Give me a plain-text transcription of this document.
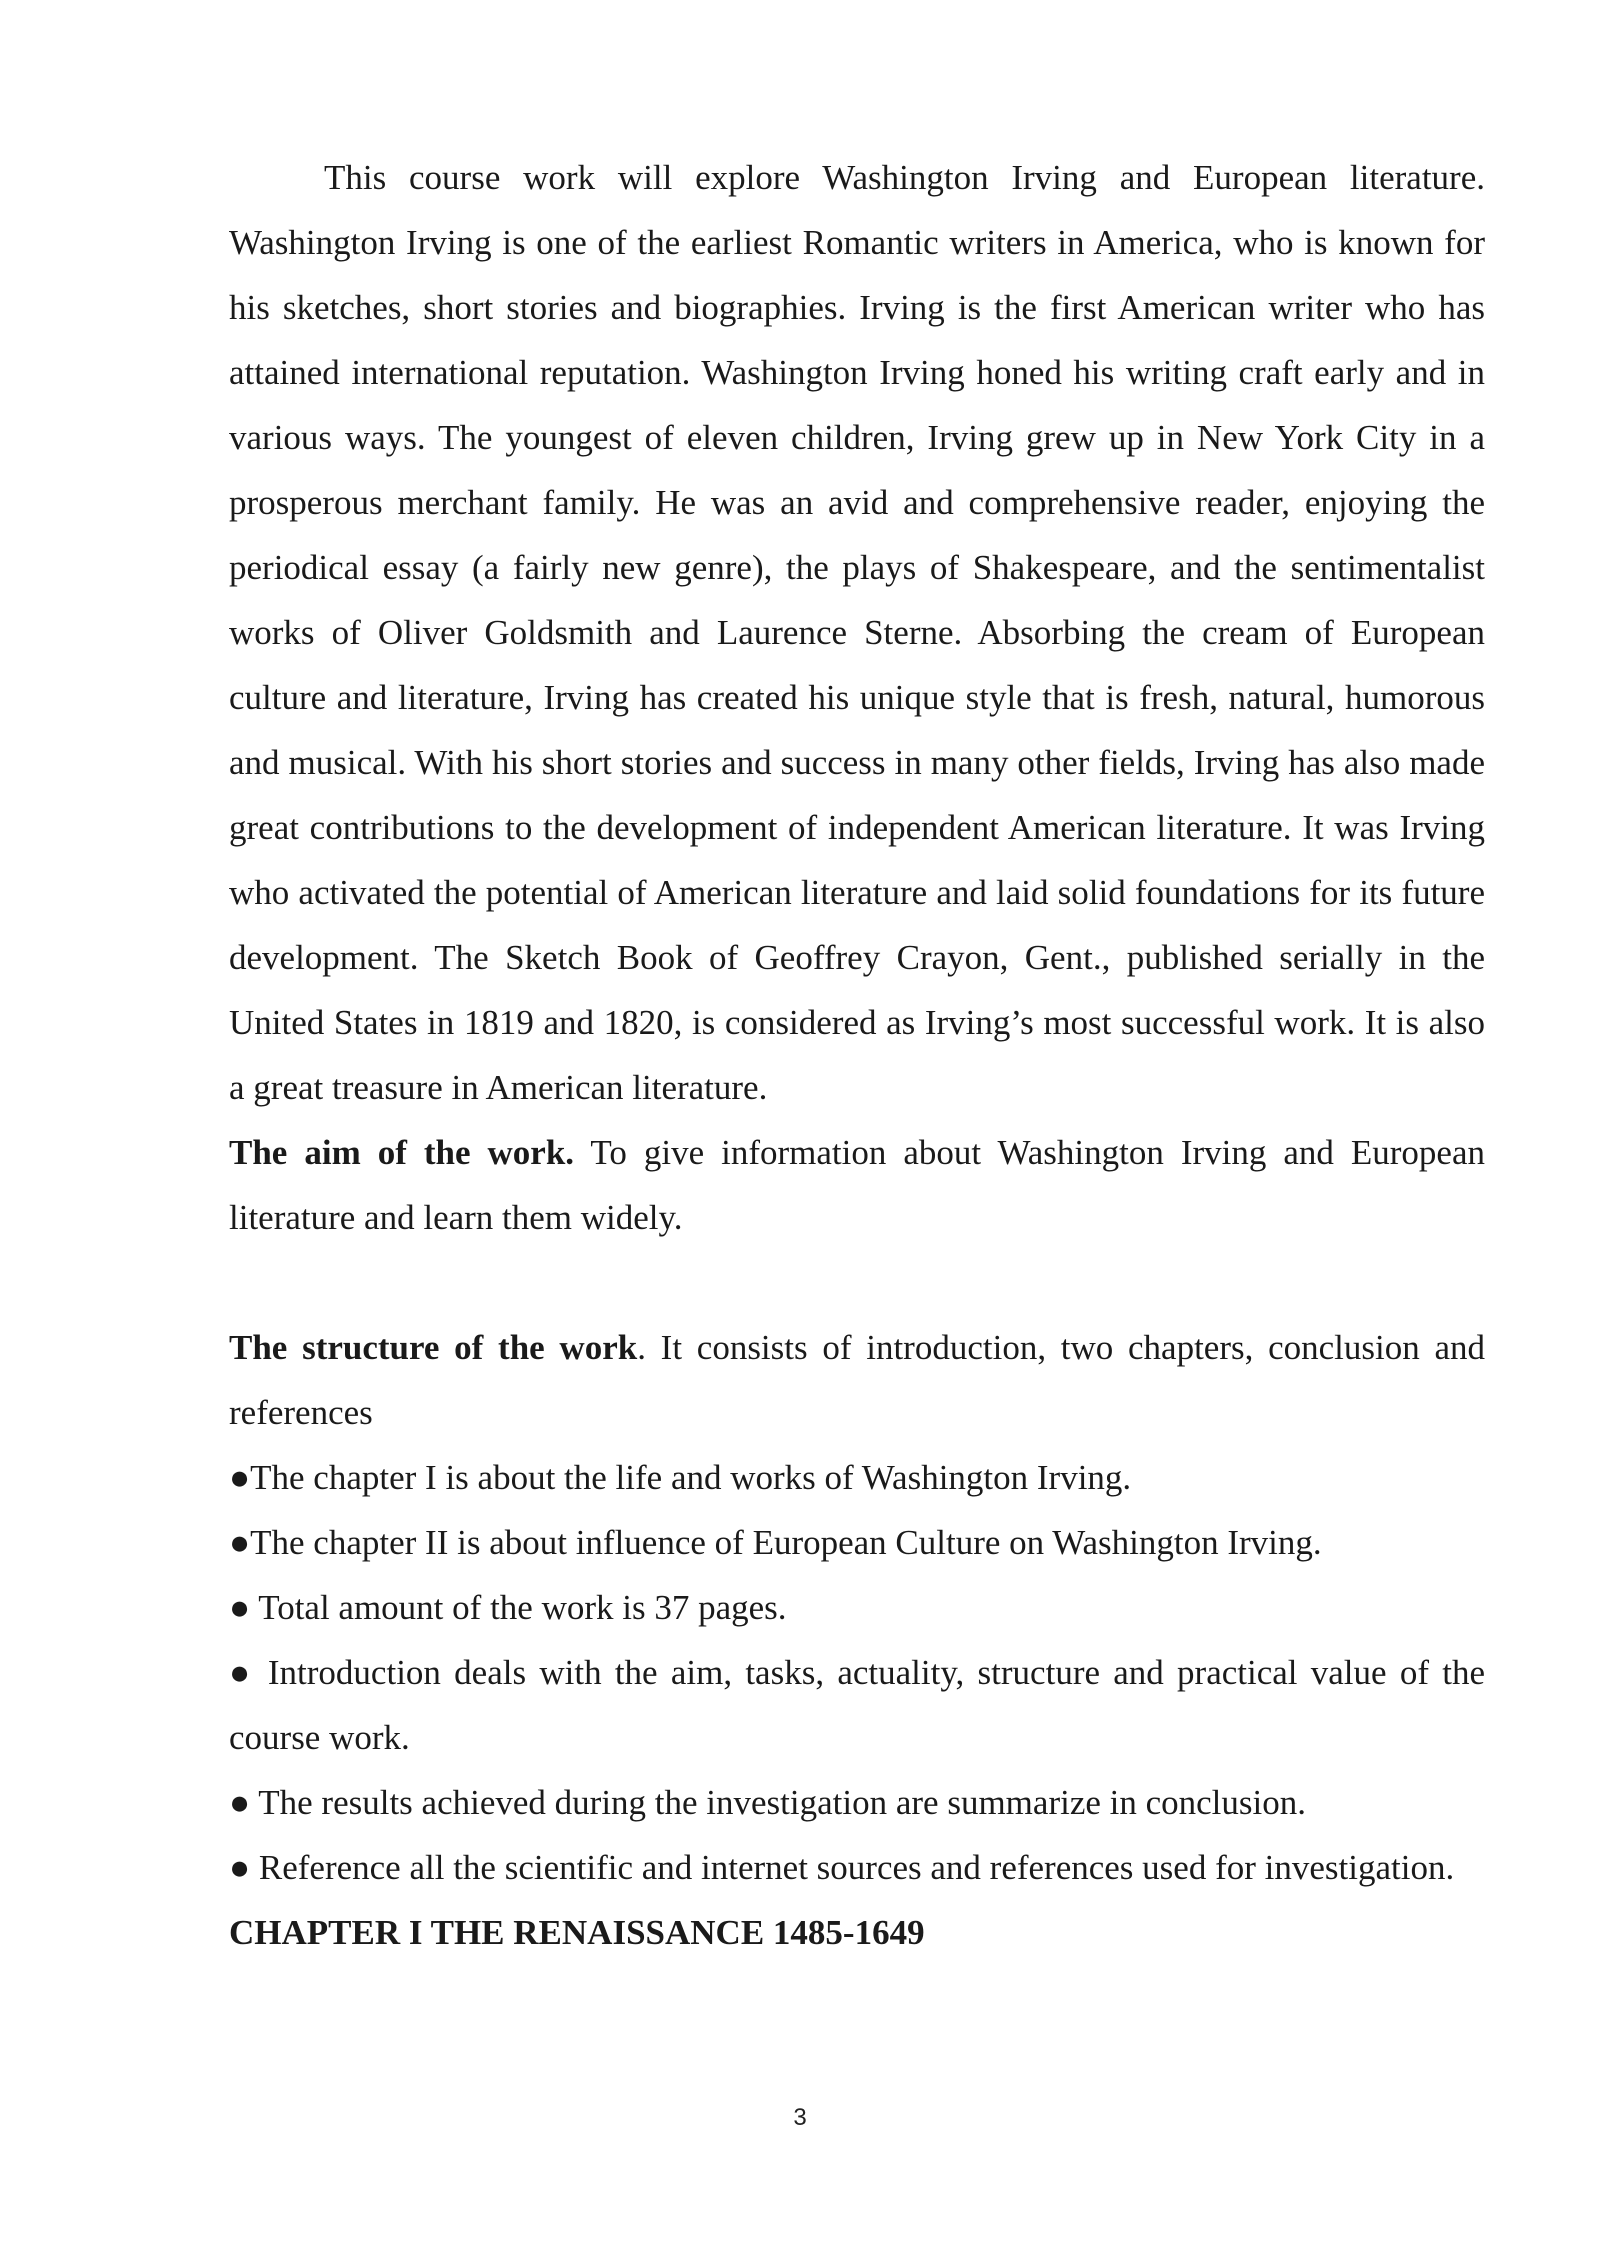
This course work will explore Washington Irving and European literature. Washington Irving is one of the earliest Romantic writers in America, who is known for his sketches, short stories and biographies. Irving is the first American writer who has attained international reputation. Washington Irving honed his writing craft early and in various ways. The youngest of eleven children, Irving grew up in New York City in a prosperous merchant family. He was an avid and comprehensive reader, enjoying the periodical essay (a fairly new genre), the plays of Shakespeare, and the sentimentalist works of Oliver Goldsmith and Laurence Sterne. Absorbing the cream of European culture and literature, Irving has created his unique style that is fresh, natural, humorous and musical. With his short stories and success in many other fields, Irving has also made great contributions to the development of independent American literature. It was Irving who activated the potential of American literature and laid solid foundations for its future development. The Sketch Book of Geoffrey Crayon, Gent., published serially in the United States in 1819 and 1820, is considered as Irving’s most successful work. It is also a great treasure in American literature.

The aim of the work. To give information about Washington Irving and European literature and learn them widely.

The structure of the work. It consists of introduction, two chapters, conclusion and references

●The chapter I is about the life and works of Washington Irving.

●The chapter II is about influence of European Culture on Washington Irving.

● Total amount of the work is 37 pages.

● Introduction deals with the aim, tasks, actuality, structure and practical value of the course work.

● The results achieved during the investigation are summarize in conclusion.

● Reference all the scientific and internet sources and references used for investigation.

CHAPTER I THE RENAISSANCE 1485-1649

3
